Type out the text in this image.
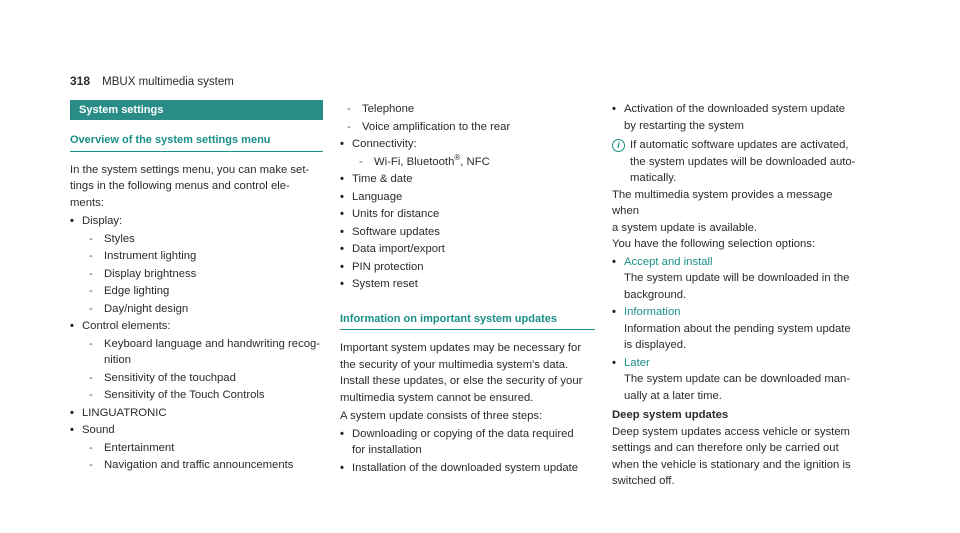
318 MBUX multimedia system
System settings
Overview of the system settings menu

In the system settings menu, you can make set-
tings in the following menus and control ele-
ments:

• Display:
- Styles
- Instrument lighting
- Display brightness
- Edge lighting
- Day/night design
• Control elements:
- Keyboard language and handwriting recog-
nition
- Sensitivity of the touchpad
- Sensitivity of the Touch Controls
• LINGUATRONIC
• Sound
- Entertainment
- Navigation and traffic announcements
- Telephone
- Voice amplification to the rear
• Connectivity:
- Wi-Fi, Bluetooth®, NFC
• Time & date
• Language
• Units for distance
• Software updates
• Data import/export
• PIN protection
• System reset
Information on important system updates

Important system updates may be necessary for
the security of your multimedia system's data.
Install these updates, or else the security of your
multimedia system cannot be ensured.

A system update consists of three steps:

• Downloading or copying of the data required
for installation
• Installation of the downloaded system update
• Activation of the downloaded system update
by restarting the system
i If automatic software updates are activated,
the system updates will be downloaded auto-
matically.

The multimedia system provides a message when
a system update is available.

You have the following selection options:

• Accept and install
The system update will be downloaded in the
background.
• Information
Information about the pending system update
is displayed.
• Later
The system update can be downloaded man-
ually at a later time.
Deep system updates

Deep system updates access vehicle or system
settings and can therefore only be carried out
when the vehicle is stationary and the ignition is
switched off.
